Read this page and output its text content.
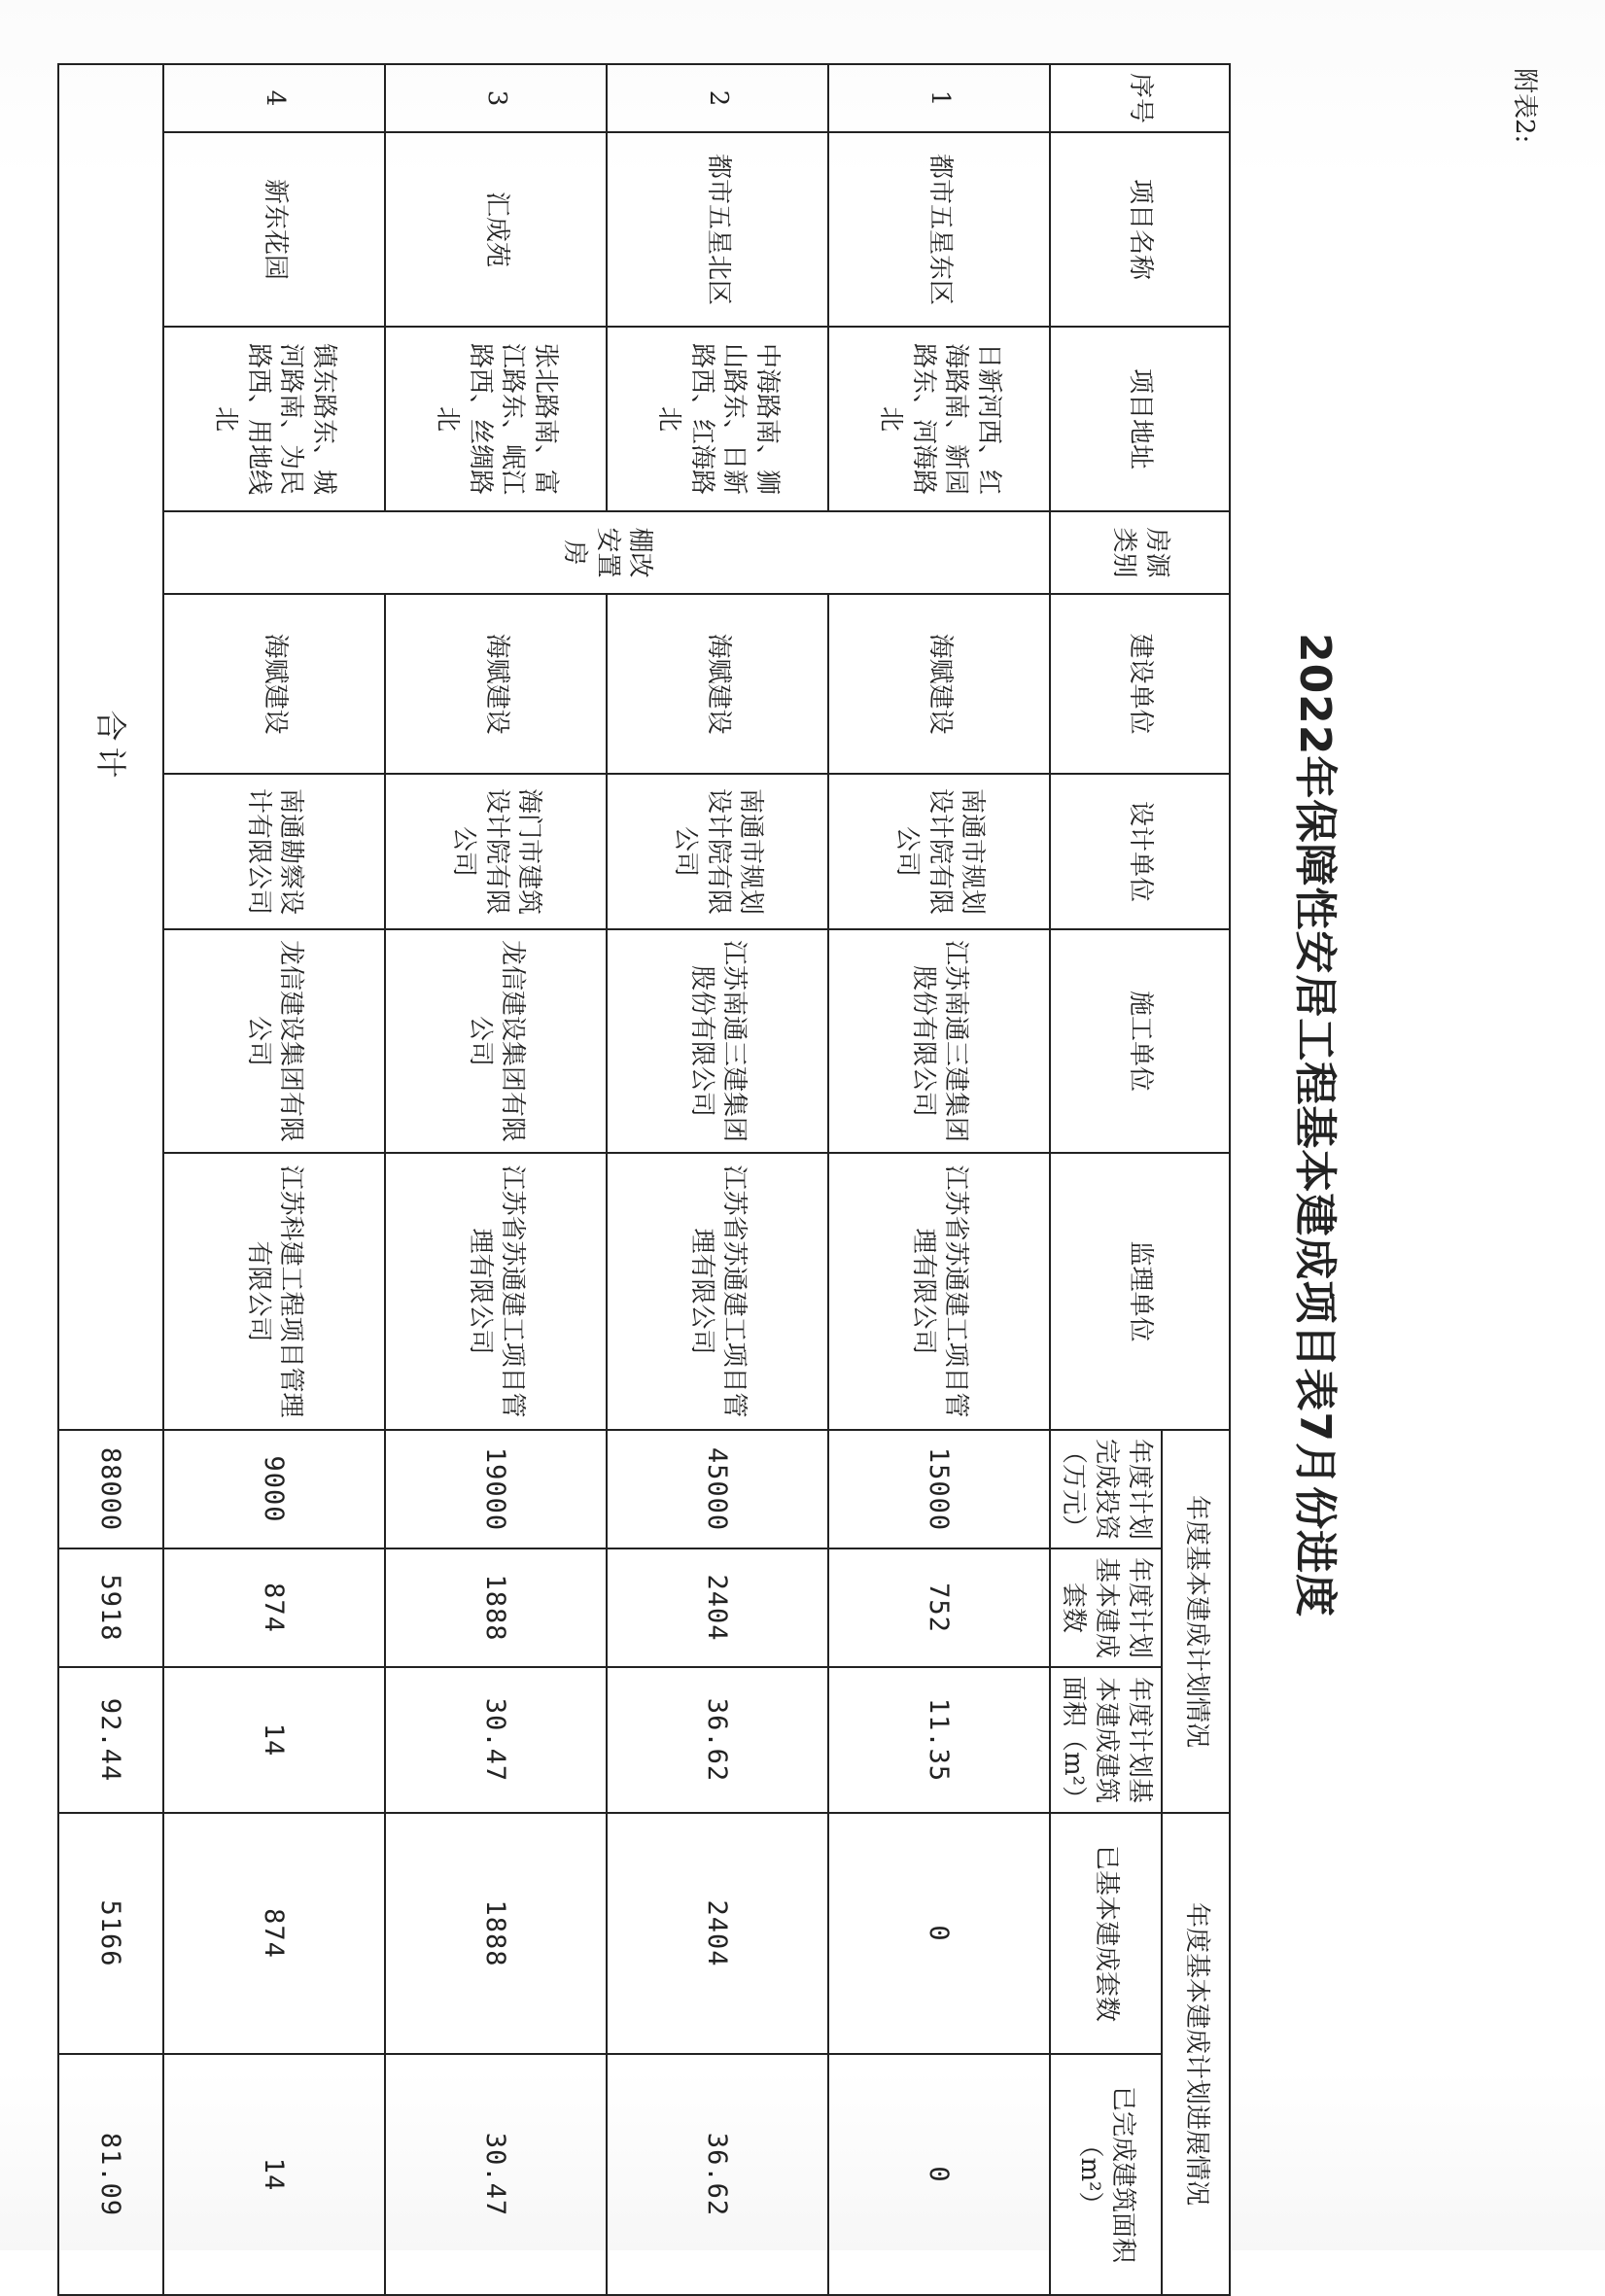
附表2:
2022年保障性安居工程基本建成项目表7月份进度
序号	项目名称	项目地址	房源类别	建设单位	设计单位	施工单位	监理单位	年度基本建成计划情况			年度基本建成计划进展情况	
								年度计划完成投资（万元）	年度计划基本建成套数	年度计划基本建成建筑面积（m²）	已基本建成套数	已完成建筑面积（m²）
1	都市五星东区	日新河西、红海路南、新园路东、河海路北	棚改安置房	海赋建设	南通市规划设计院有限公司	江苏南通三建集团股份有限公司	江苏省苏通建工项目管理有限公司	15000	752	11.35	0	0
2	都市五星北区	中海路南、狮山路东、日新路西、红海路北		海赋建设	南通市规划设计院有限公司	江苏南通三建集团股份有限公司	江苏省苏通建工项目管理有限公司	45000	2404	36.62	2404	36.62
3	汇成苑	张北路南、富江路东、岷江路西、丝绸路北		海赋建设	海门市建筑设计院有限公司	龙信建设集团有限公司	江苏省苏通建工项目管理有限公司	19000	1888	30.47	1888	30.47
4	新东花园	镇东路东、城河路南、为民路西、用地线北		海赋建设	南通勘察设计有限公司	龙信建设集团有限公司	江苏科建工程项目管理有限公司	9000	874	14	874	14
合计								88000	5918	92.44	5166	81.09
